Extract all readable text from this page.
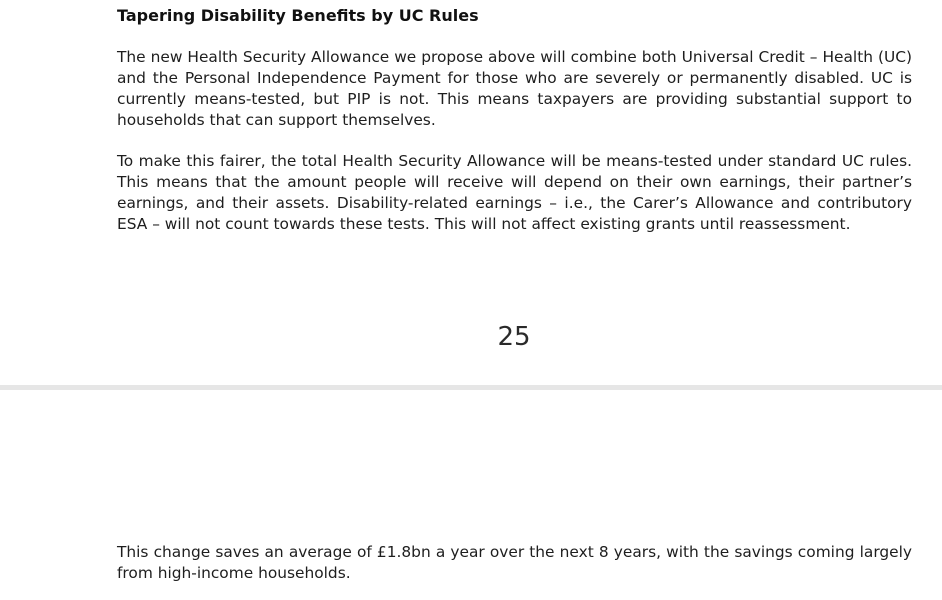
Tapering Disability Benefits by UC Rules

The new Health Security Allowance we propose above will combine both Universal Credit – Health (UC) and the Personal Independence Payment for those who are severely or permanently disabled. UC is currently means-tested, but PIP is not. This means taxpayers are providing substantial support to households that can support themselves.

To make this fairer, the total Health Security Allowance will be means-tested under standard UC rules. This means that the amount people will receive will depend on their own earnings, their partner’s earnings, and their assets. Disability-related earnings – i.e., the Carer’s Allowance and contributory ESA – will not count towards these tests. This will not affect existing grants until reassessment.

25

This change saves an average of £1.8bn a year over the next 8 years, with the savings coming largely from high-income households.
